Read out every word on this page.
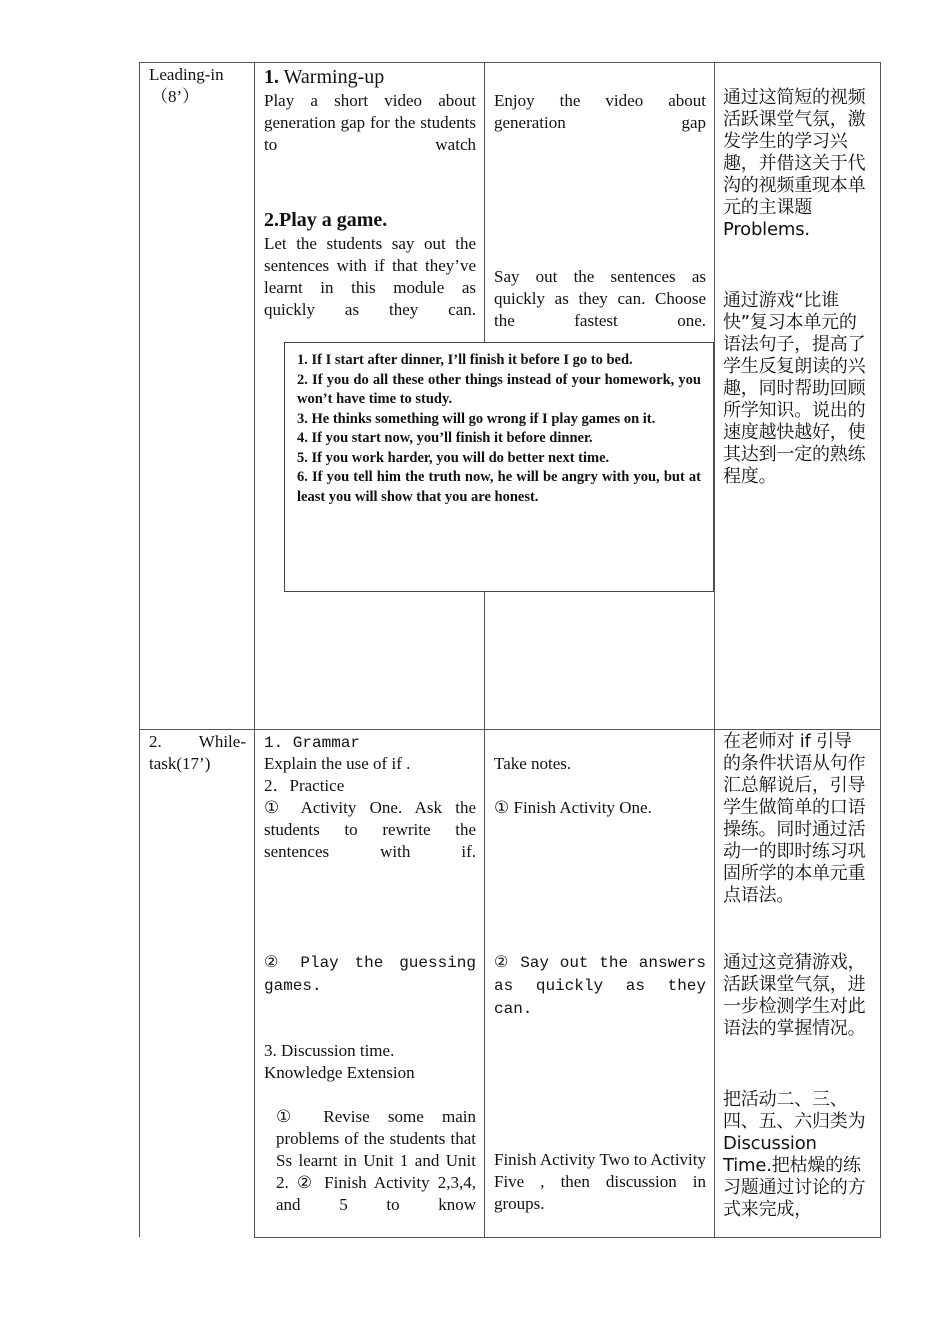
Leading-in
（8’）
1. Warming-up
Play a short video about generation gap for the students to watch
2.Play a game.
Let the students say out the sentences with if that they’ve learnt in this module as quickly as they can.
Enjoy the video about generation gap
Say out the sentences as quickly as they can. Choose the fastest one.
通过这简短的视频活跃课堂气氛，激发学生的学习兴趣，并借这关于代沟的视频重现本单元的主课题 Problems.
通过游戏“比谁快”复习本单元的语法句子，提高了学生反复朗读的兴趣，同时帮助回顾所学知识。说出的速度越快越好，使其达到一定的熟练程度。
1. If I start after dinner, I’ll finish it before I go to bed.
2. If you do all these other things instead of your homework, you won’t have time to study.
3. He thinks something will go wrong if I play games on it.
4. If you start now, you’ll finish it before dinner.
5. If you work harder, you will do better next time.
6. If you tell him the truth now, he will be angry with you, but at least you will show that you are honest.
2. While-task(17’)
1. Grammar
Explain the use of if .
2．Practice
① Activity One. Ask the students to rewrite the sentences with if.
② Play the guessing games.
3. Discussion time.
Knowledge Extension
① Revise some main problems of the students that Ss learnt in Unit 1 and Unit 2. ② Finish Activity 2,3,4, and 5 to know
Take notes.
① Finish Activity One.
② Say out the answers as quickly as they can.
Finish Activity Two to Activity Five , then discussion in groups.
在老师对 if 引导的条件状语从句作汇总解说后，引导学生做简单的口语操练。同时通过活动一的即时练习巩固所学的本单元重点语法。
通过这竞猜游戏，活跃课堂气氛，进一步检测学生对此语法的掌握情况。
把活动二、三、四、五、六归类为 Discussion Time.把枯燥的练习题通过讨论的方式来完成，
